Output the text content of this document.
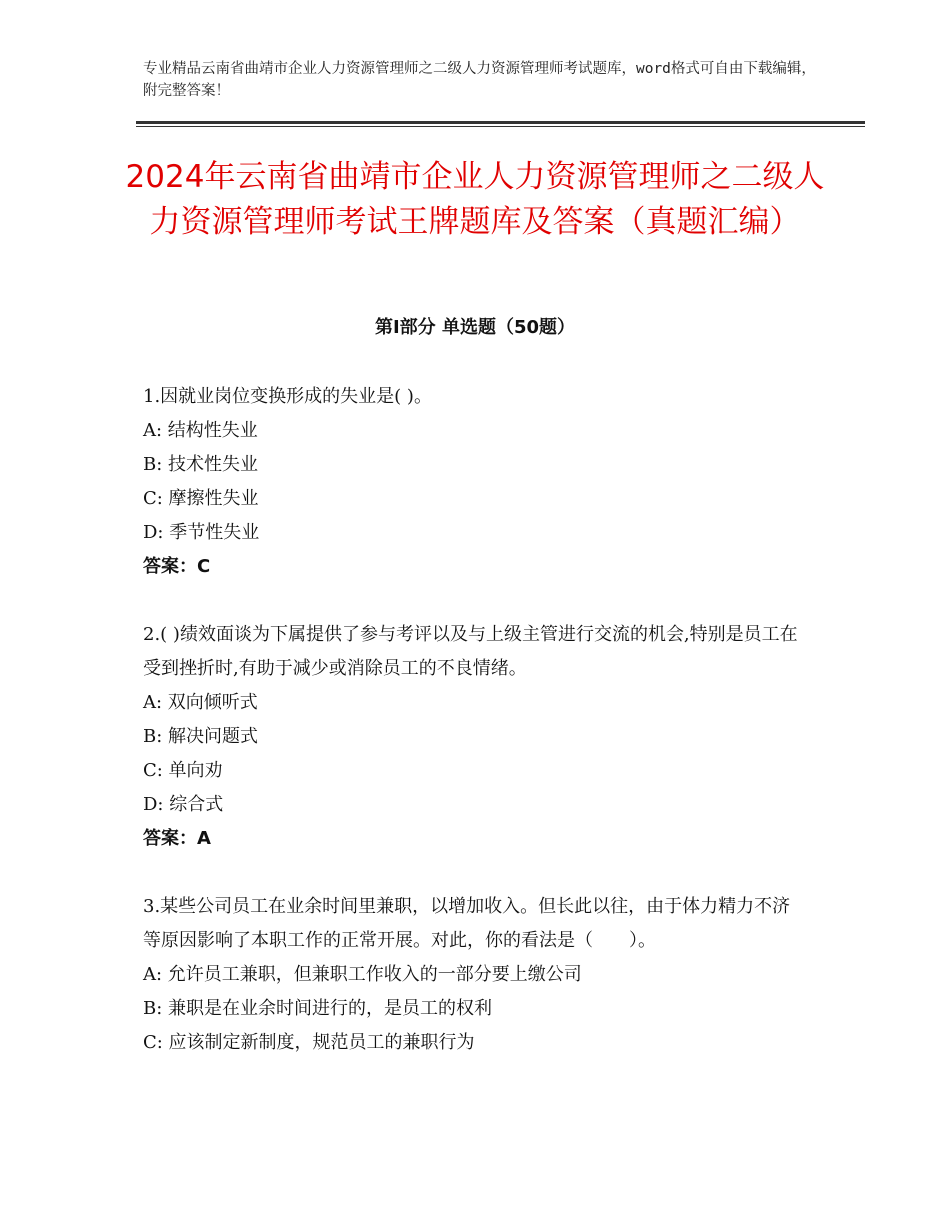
专业精品云南省曲靖市企业人力资源管理师之二级人力资源管理师考试题库，word格式可自由下载编辑，附完整答案！
2024年云南省曲靖市企业人力资源管理师之二级人力资源管理师考试王牌题库及答案（真题汇编）
第Ⅰ部分 单选题（50题）

1.因就业岗位变换形成的失业是( )。

A: 结构性失业

B: 技术性失业

C: 摩擦性失业

D: 季节性失业

答案：C

2.( )绩效面谈为下属提供了参与考评以及与上级主管进行交流的机会,特别是员工在受到挫折时,有助于减少或消除员工的不良情绪。

A: 双向倾听式

B: 解决问题式

C: 单向劝

D: 综合式

答案：A

3.某些公司员工在业余时间里兼职，以增加收入。但长此以往，由于体力精力不济等原因影响了本职工作的正常开展。对此，你的看法是（　　）。

A: 允许员工兼职，但兼职工作收入的一部分要上缴公司

B: 兼职是在业余时间进行的，是员工的权利

C: 应该制定新制度，规范员工的兼职行为
